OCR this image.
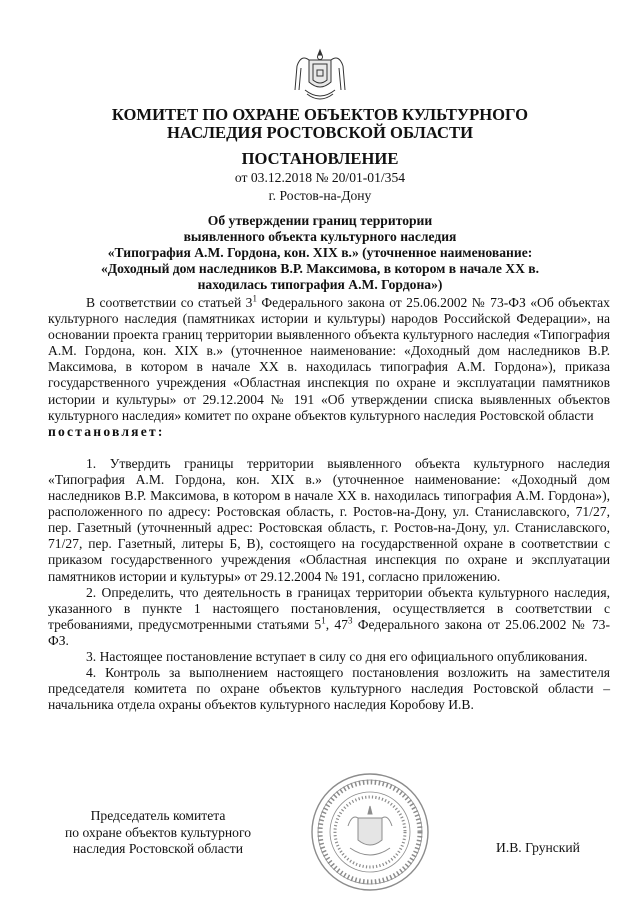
КОМИТЕТ ПО ОХРАНЕ ОБЪЕКТОВ КУЛЬТУРНОГО
НАСЛЕДИЯ РОСТОВСКОЙ ОБЛАСТИ
ПОСТАНОВЛЕНИЕ
от 03.12.2018 № 20/01-01/354
г. Ростов-на-Дону
Об утверждении границ территории
выявленного объекта культурного наследия
«Типография А.М. Гордона, кон. XIX в.» (уточненное наименование:
«Доходный дом наследников В.Р. Максимова, в котором в начале XX в.
находилась типография А.М. Гордона»)

В соответствии со статьей $3^1$ Федерального закона от 25.06.2002 № 73-ФЗ «Об объектах культурного наследия (памятниках истории и культуры) народов Российской Федерации», на основании проекта границ территории выявленного объекта культурного наследия «Типография А.М. Гордона, кон. XIX в.» (уточненное наименование: «Доходный дом наследников В.Р. Максимова, в котором в начале XX в. находилась типография А.М. Гордона»), приказа государственного учреждения «Областная инспекция по охране и эксплуатации памятников истории и культуры» от 29.12.2004 № 191 «Об утверждении списка выявленных объектов культурного наследия» комитет по охране объектов культурного наследия Ростовской области

постановляет:

1. Утвердить границы территории выявленного объекта культурного наследия «Типография А.М. Гордона, кон. XIX в.» (уточненное наименование: «Доходный дом наследников В.Р. Максимова, в котором в начале XX в. находилась типография А.М. Гордона»), расположенного по адресу: Ростовская область, г. Ростов-на-Дону, ул. Станиславского, 71/27, пер. Газетный (уточненный адрес: Ростовская область, г. Ростов-на-Дону, ул. Станиславского, 71/27, пер. Газетный, литеры Б, В), состоящего на государственной охране в соответствии с приказом государственного учреждения «Областная инспекция по охране и эксплуатации памятников истории и культуры» от 29.12.2004 № 191, согласно приложению.

2. Определить, что деятельность в границах территории объекта культурного наследия, указанного в пункте 1 настоящего постановления, осуществляется в соответствии с требованиями, предусмотренными статьями $5^1$, $47^3$ Федерального закона от 25.06.2002 № 73-ФЗ.

3. Настоящее постановление вступает в силу со дня его официального опубликования.

4. Контроль за выполнением настоящего постановления возложить на заместителя председателя комитета по охране объектов культурного наследия Ростовской области – начальника отдела охраны объектов культурного наследия Коробову И.В.

Председатель комитета
по охране объектов культурного
наследия Ростовской области	И.В. Грунский
